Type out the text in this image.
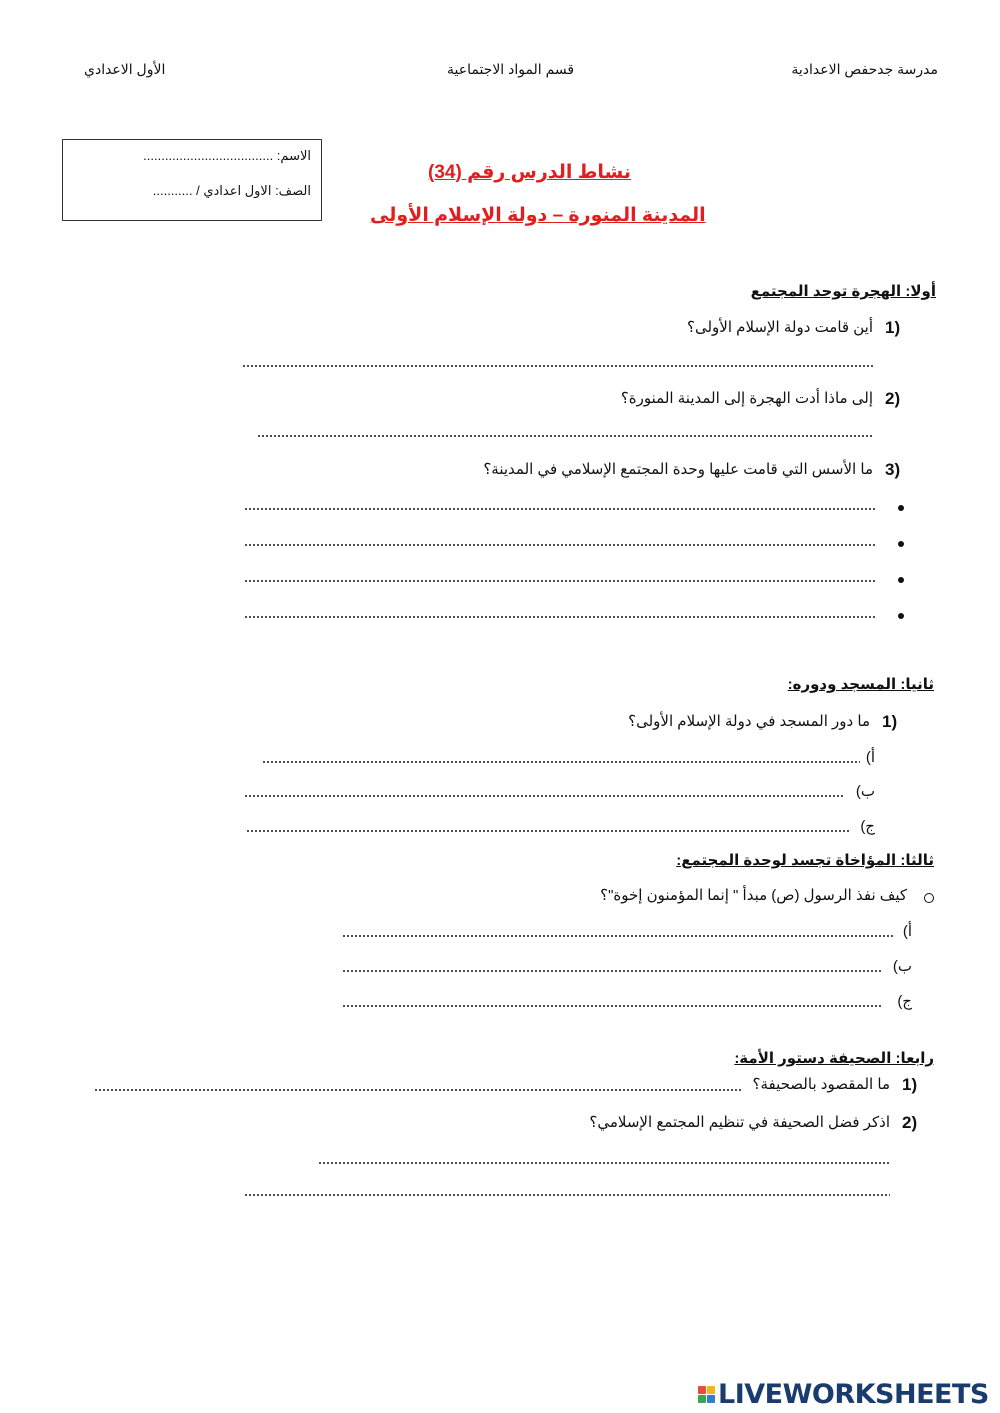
مدرسة جدحفص الاعدادية
قسم المواد الاجتماعية
الأول الاعدادي
الاسم: ....................................
الصف: الاول اعدادي / ...........
نشاط الدرس رقم (34)
المدينة المنورة – دولة الإسلام الأولى
أولا: الهجرة توحد المجتمع
1)
أين قامت دولة الإسلام الأولى؟
2)
إلى ماذا أدت الهجرة إلى المدينة المنورة؟
3)
ما الأسس التي قامت عليها وحدة المجتمع الإسلامي في المدينة؟
ثانيا: المسجد ودوره:
1)
ما دور المسجد في دولة الإسلام الأولى؟
أ)
ب)
ج)
ثالثا: المؤاخاة تجسد لوحدة المجتمع:
كيف نفذ الرسول (ص) مبدأ " إنما المؤمنون إخوة"؟
أ)
ب)
ج)
رابعا: الصحيفة دستور الأمة:
1)
ما المقصود بالصحيفة؟
2)
اذكر فضل الصحيفة في تنظيم المجتمع الإسلامي؟
LIVEWORKSHEETS
